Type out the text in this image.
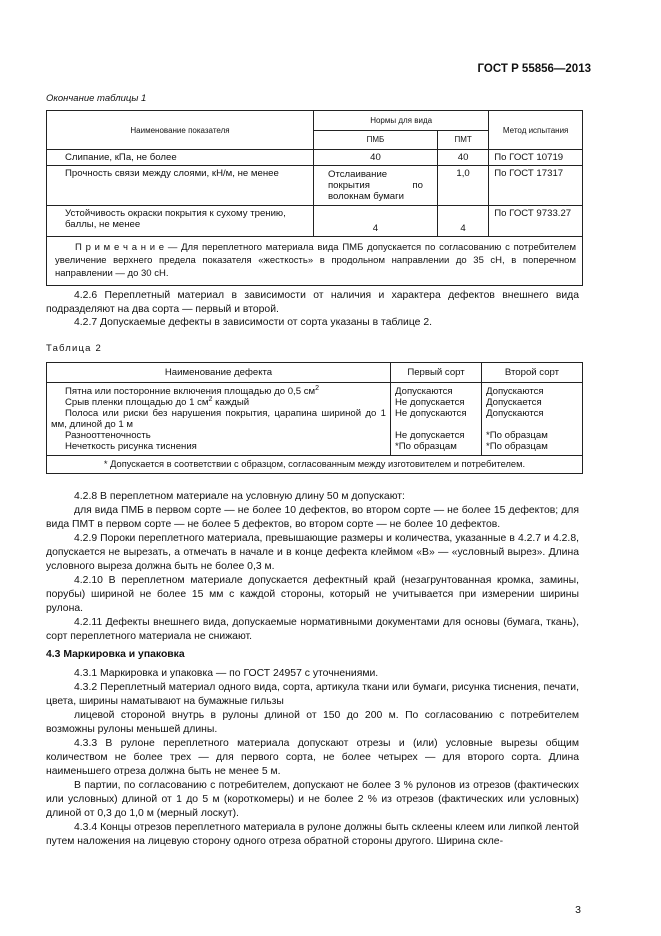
ГОСТ Р 55856—2013
Окончание таблицы 1
Наименование показателя	Нормы для вида		Метод испытания
	ПМБ	ПМТ	
Слипание, кПа, не более	40	40	По ГОСТ 10719
Прочность связи между слоями, кН/м, не менее	Отслаивание покрытия по волокнам бумаги	1,0	По ГОСТ 17317
Устойчивость окраски покрытия к сухому трению, баллы, не менее	4	4	По ГОСТ 9733.27
П р и м е ч а н и е — Для переплетного материала вида ПМБ допускается по согласованию с потребителем увеличение верхнего предела показателя «жесткость» в продольном направлении до 35 сН, в поперечном направлении — до 30 сН.			
4.2.6 Переплетный материал в зависимости от наличия и характера дефектов внешнего вида подразделяют на два сорта — первый и второй.
4.2.7 Допускаемые дефекты в зависимости от сорта указаны в таблице 2.
Таблица 2
Наименование дефекта	Первый сорт	Второй сорт
Пятна или посторонние включения площадью до 0,5 $см^2$	Допускаются	Допускаются
Срыв пленки площадью до 1 $см^2$ каждый	Не допускается	Допускается
Полоса или риски без нарушения покрытия, царапина шириной до 1 мм, длиной до 1 м	Не допускаются	Допускаются
Разнооттеночность	Не допускается	*По образцам
Нечеткость рисунка тиснения	*По образцам	*По образцам
* Допускается в соответствии с образцом, согласованным между изготовителем и потребителем.		
4.2.8 В переплетном материале на условную длину 50 м допускают:
для вида ПМБ в первом сорте — не более 10 дефектов, во втором сорте — не более 15 дефектов; для вида ПМТ в первом сорте — не более 5 дефектов, во втором сорте — не более 10 дефектов.
4.2.9 Пороки переплетного материала, превышающие размеры и количества, указанные в 4.2.7 и 4.2.8, допускается не вырезать, а отмечать в начале и в конце дефекта клеймом «В» — «условный вырез». Длина условного выреза должна быть не более 0,3 м.
4.2.10 В переплетном материале допускается дефектный край (незагрунтованная кромка, замины, порубы) шириной не более 15 мм с каждой стороны, который не учитывается при измерении ширины рулона.
4.2.11 Дефекты внешнего вида, допускаемые нормативными документами для основы (бумага, ткань), сорт переплетного материала не снижают.
4.3 Маркировка и упаковка
4.3.1 Маркировка и упаковка — по ГОСТ 24957 с уточнениями.
4.3.2 Переплетный материал одного вида, сорта, артикула ткани или бумаги, рисунка тиснения, печати, цвета, ширины наматывают на бумажные гильзы
лицевой стороной внутрь в рулоны длиной от 150 до 200 м. По согласованию с потребителем возможны рулоны меньшей длины.
4.3.3 В рулоне переплетного материала допускают отрезы и (или) условные вырезы общим количеством не более трех — для первого сорта, не более четырех — для второго сорта. Длина наименьшего отреза должна быть не менее 5 м.
В партии, по согласованию с потребителем, допускают не более 3 % рулонов из отрезов (фактических или условных) длиной от 1 до 5 м (короткомеры) и не более 2 % из отрезов (фактических или условных) длиной от 0,3 до 1,0 м (мерный лоскут).
4.3.4 Концы отрезов переплетного материала в рулоне должны быть склеены клеем или липкой лентой путем наложения на лицевую сторону одного отреза обратной стороны другого. Ширина скле-
3
